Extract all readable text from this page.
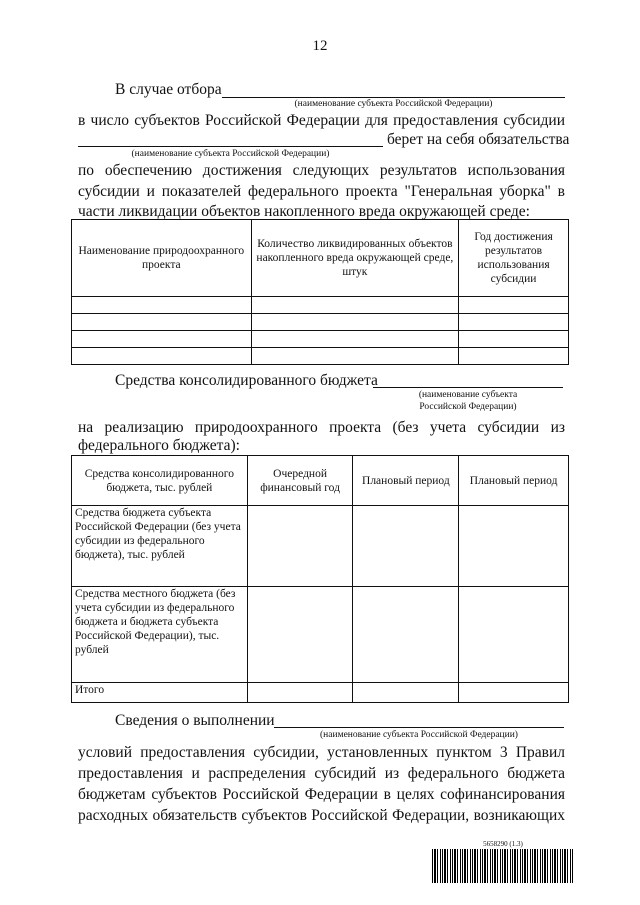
12
В случае отбора
(наименование субъекта Российской Федерации)
в число субъектов Российской Федерации для предоставления субсидии
берет на себя обязательства
(наименование субъекта Российской Федерации)
по обеспечению достижения следующих результатов использования
субсидии и показателей федерального проекта "Генеральная уборка" в
части ликвидации объектов накопленного вреда окружающей среде:
Наименование природоохранного проекта	Количество ликвидированных объектов накопленного вреда окружающей среде, штук	Год достижения результатов использования субсидии

Средства консолидированного бюджета
(наименование субъекта Российской Федерации)
на реализацию природоохранного проекта (без учета субсидии из
федерального бюджета):
Средства консолидированного бюджета, тыс. рублей	Очередной финансовый год	Плановый период	Плановый период
Средства бюджета субъекта Российской Федерации (без учета субсидии из федерального бюджета), тыс. рублей			
Средства местного бюджета (без учета субсидии из федерального бюджета и бюджета субъекта Российской Федерации), тыс. рублей			
Итого			
Сведения о выполнении
(наименование субъекта Российской Федерации)
условий предоставления субсидии, установленных пунктом 3 Правил
предоставления и распределения субсидий из федерального бюджета
бюджетам субъектов Российской Федерации в целях софинансирования
расходных обязательств субъектов Российской Федерации, возникающих
5658290 (1.3)
